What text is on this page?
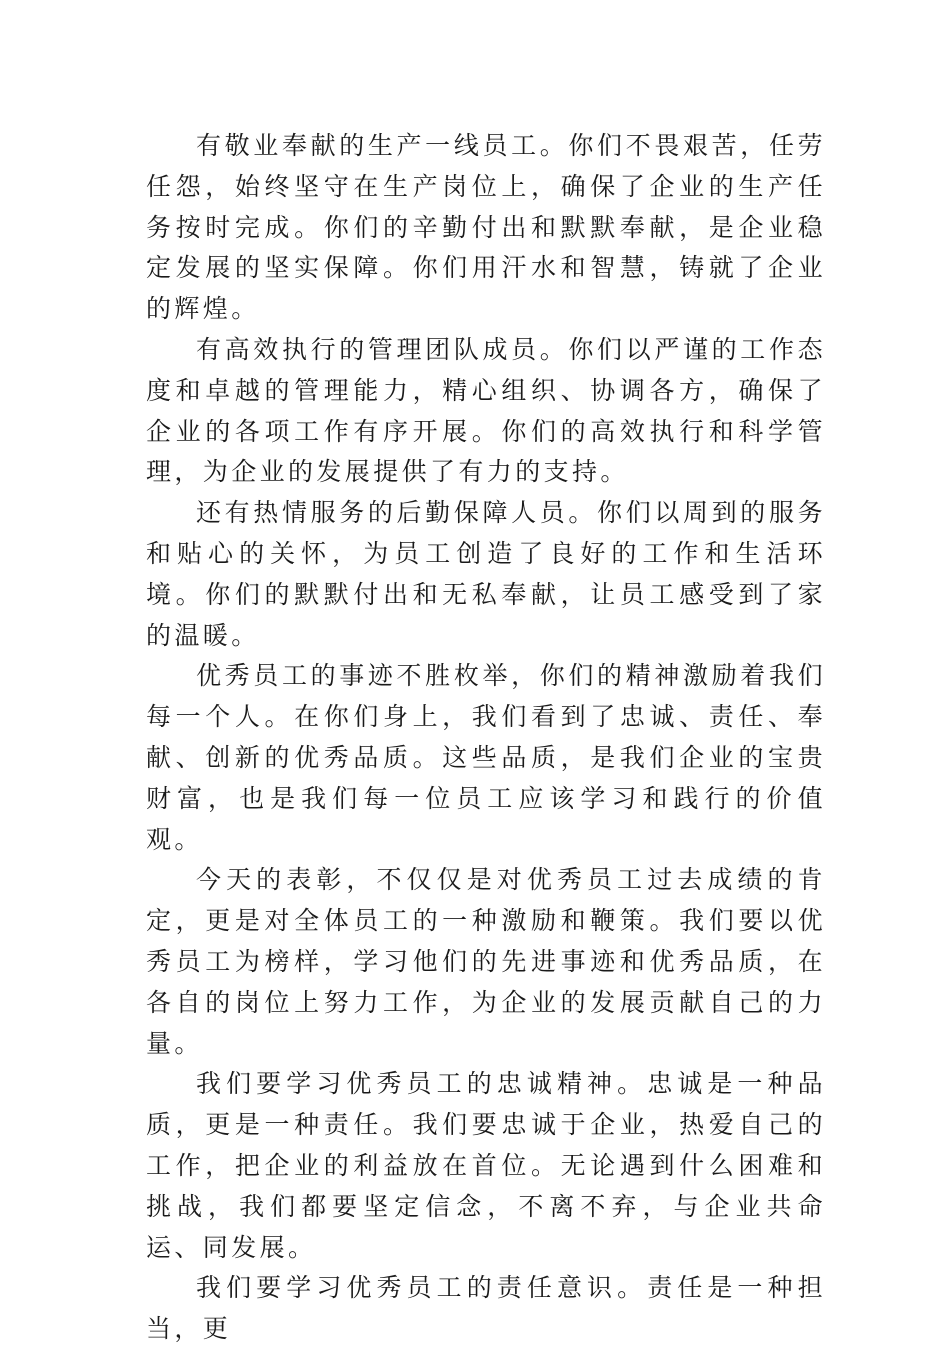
有敬业奉献的生产一线员工。你们不畏艰苦，任劳任怨，始终坚守在生产岗位上，确保了企业的生产任务按时完成。你们的辛勤付出和默默奉献，是企业稳定发展的坚实保障。你们用汗水和智慧，铸就了企业的辉煌。

有高效执行的管理团队成员。你们以严谨的工作态度和卓越的管理能力，精心组织、协调各方，确保了企业的各项工作有序开展。你们的高效执行和科学管理，为企业的发展提供了有力的支持。

还有热情服务的后勤保障人员。你们以周到的服务和贴心的关怀，为员工创造了良好的工作和生活环境。你们的默默付出和无私奉献，让员工感受到了家的温暖。

优秀员工的事迹不胜枚举，你们的精神激励着我们每一个人。在你们身上，我们看到了忠诚、责任、奉献、创新的优秀品质。这些品质，是我们企业的宝贵财富，也是我们每一位员工应该学习和践行的价值观。

今天的表彰，不仅仅是对优秀员工过去成绩的肯定，更是对全体员工的一种激励和鞭策。我们要以优秀员工为榜样，学习他们的先进事迹和优秀品质，在各自的岗位上努力工作，为企业的发展贡献自己的力量。

我们要学习优秀员工的忠诚精神。忠诚是一种品质，更是一种责任。我们要忠诚于企业，热爱自己的工作，把企业的利益放在首位。无论遇到什么困难和挑战，我们都要坚定信念，不离不弃，与企业共命运、同发展。

我们要学习优秀员工的责任意识。责任是一种担当，更
